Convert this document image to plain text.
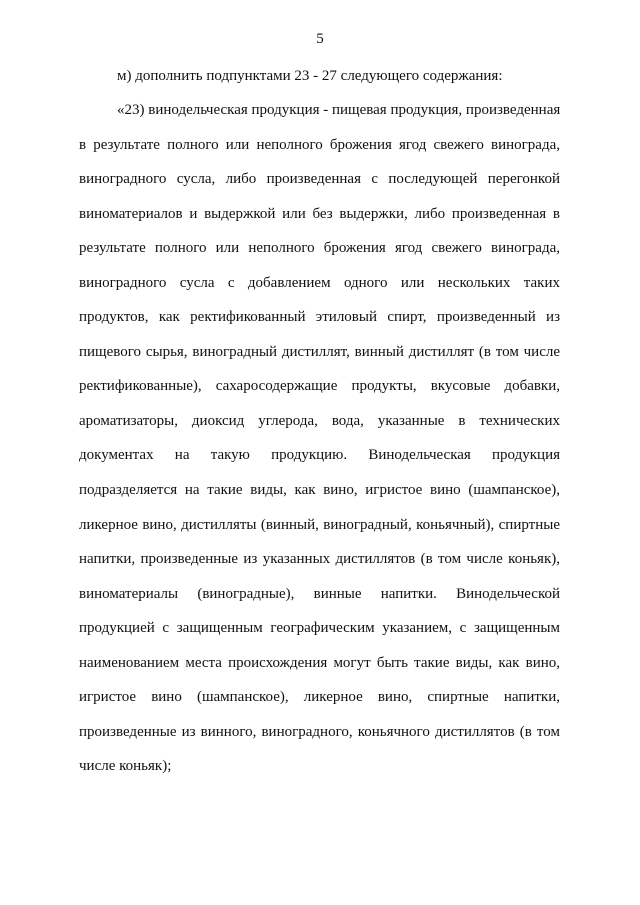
5
м) дополнить подпунктами 23 - 27 следующего содержания:
«23) винодельческая продукция - пищевая продукция, произведенная
в результате полного или неполного брожения ягод свежего винограда,
виноградного сусла, либо произведенная с последующей перегонкой
виноматериалов и выдержкой или без выдержки, либо произведенная в
результате полного или неполного брожения ягод свежего винограда,
виноградного сусла с добавлением одного или нескольких таких
продуктов, как ректификованный этиловый спирт, произведенный из
пищевого сырья, виноградный дистиллят, винный дистиллят (в том числе
ректификованные), сахаросодержащие продукты, вкусовые добавки,
ароматизаторы, диоксид углерода, вода, указанные в технических
документах на такую продукцию. Винодельческая продукция
подразделяется на такие виды, как вино, игристое вино (шампанское),
ликерное вино, дистилляты (винный, виноградный, коньячный), спиртные
напитки, произведенные из указанных дистиллятов (в том числе коньяк),
виноматериалы (виноградные), винные напитки. Винодельческой
продукцией с защищенным географическим указанием, с защищенным
наименованием места происхождения могут быть такие виды, как вино,
игристое вино (шампанское), ликерное вино, спиртные напитки,
произведенные из винного, виноградного, коньячного дистиллятов (в том
числе коньяк);
